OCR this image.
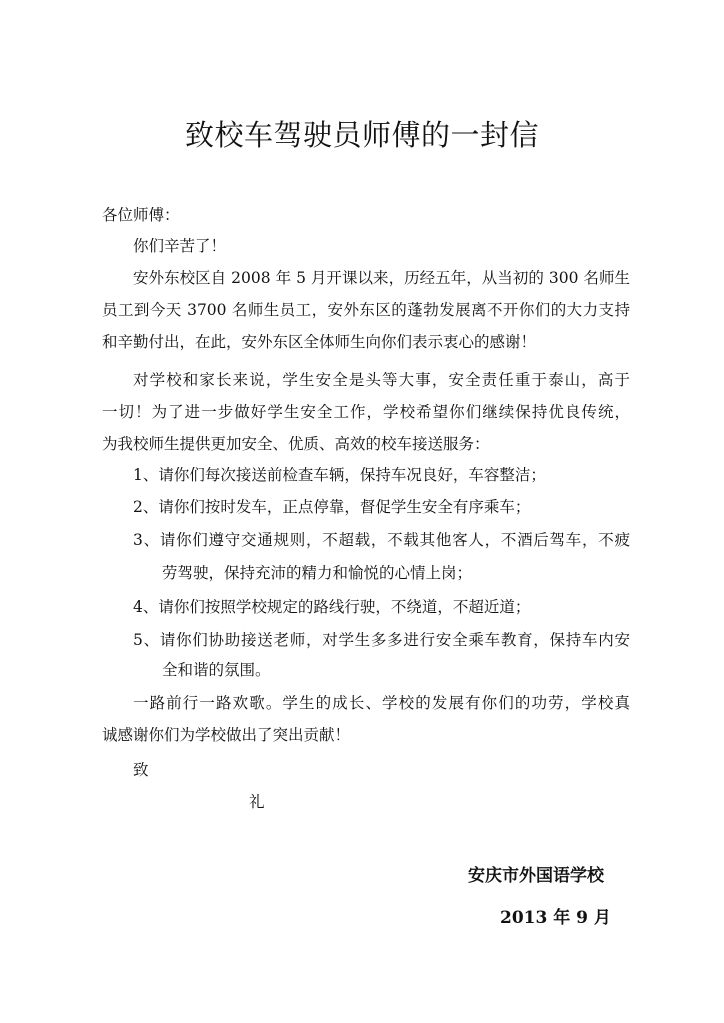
致校车驾驶员师傅的一封信
各位师傅：
你们辛苦了！
安外东校区自 2008 年 5 月开课以来，历经五年，从当初的 300 名师生
员工到今天 3700 名师生员工，安外东区的蓬勃发展离不开你们的大力支持
和辛勤付出，在此，安外东区全体师生向你们表示衷心的感谢！
对学校和家长来说，学生安全是头等大事，安全责任重于泰山，高于
一切！为了进一步做好学生安全工作，学校希望你们继续保持优良传统，
为我校师生提供更加安全、优质、高效的校车接送服务：
1、请你们每次接送前检查车辆，保持车况良好，车容整洁；
2、请你们按时发车，正点停靠，督促学生安全有序乘车；
3、请你们遵守交通规则，不超载，不载其他客人，不酒后驾车，不疲
劳驾驶，保持充沛的精力和愉悦的心情上岗；
4、请你们按照学校规定的路线行驶，不绕道，不超近道；
5、请你们协助接送老师，对学生多多进行安全乘车教育，保持车内安
全和谐的氛围。
一路前行一路欢歌。学生的成长、学校的发展有你们的功劳，学校真
诚感谢你们为学校做出了突出贡献！
致
礼
安庆市外国语学校
2013 年 9 月
